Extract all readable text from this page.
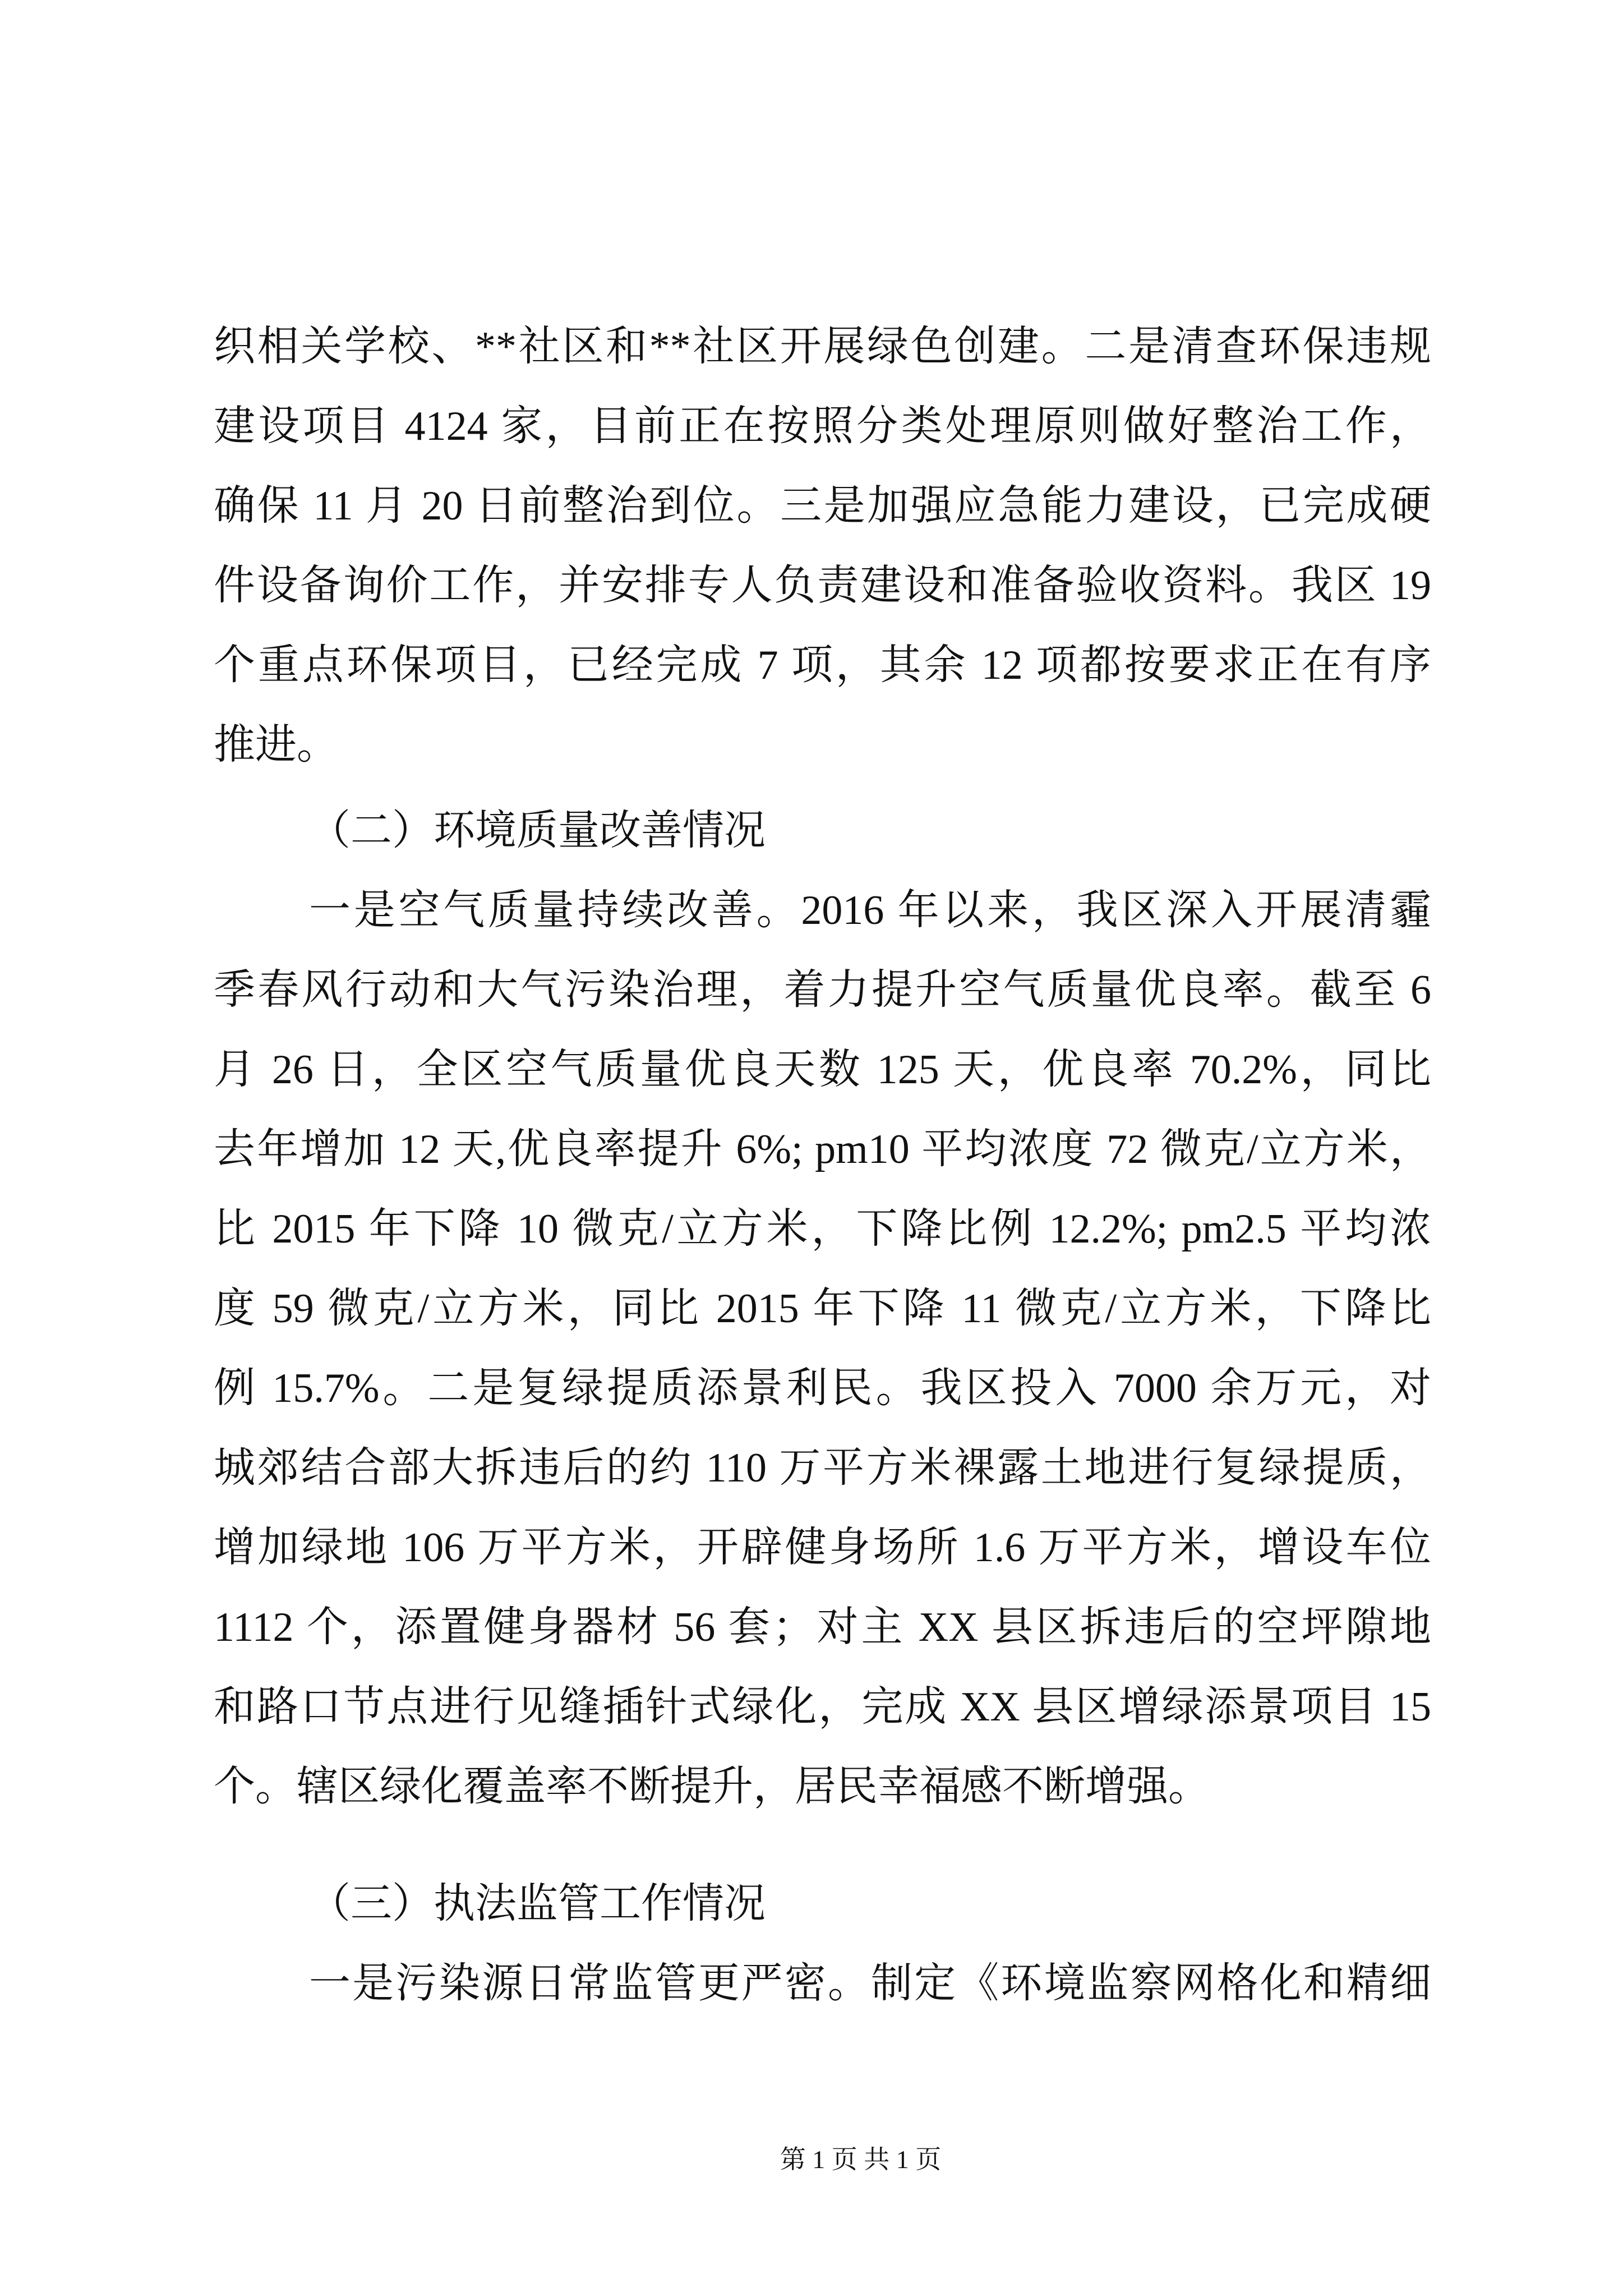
织相关学校、**社区和**社区开展绿色创建。二是清查环保违规
建设项目 4124 家，目前正在按照分类处理原则做好整治工作，
确保 11 月 20 日前整治到位。三是加强应急能力建设，已完成硬
件设备询价工作，并安排专人负责建设和准备验收资料。我区 19
个重点环保项目，已经完成 7 项，其余 12 项都按要求正在有序
推进。
（二）环境质量改善情况
一是空气质量持续改善。2016 年以来，我区深入开展清霾
季春风行动和大气污染治理，着力提升空气质量优良率。截至 6
月 26 日，全区空气质量优良天数 125 天，优良率 70.2%，同比
去年增加 12 天,优良率提升 6%; pm10 平均浓度 72 微克/立方米，
比 2015 年下降 10 微克/立方米，下降比例 12.2%; pm2.5 平均浓
度 59 微克/立方米，同比 2015 年下降 11 微克/立方米，下降比
例 15.7%。二是复绿提质添景利民。我区投入 7000 余万元，对
城郊结合部大拆违后的约 110 万平方米裸露土地进行复绿提质，
增加绿地 106 万平方米，开辟健身场所 1.6 万平方米，增设车位
1112 个，添置健身器材 56 套；对主 XX 县区拆违后的空坪隙地
和路口节点进行见缝插针式绿化，完成 XX 县区增绿添景项目 15
个。辖区绿化覆盖率不断提升，居民幸福感不断增强。
（三）执法监管工作情况
一是污染源日常监管更严密。制定《环境监察网格化和精细
第 1 页 共 1 页
